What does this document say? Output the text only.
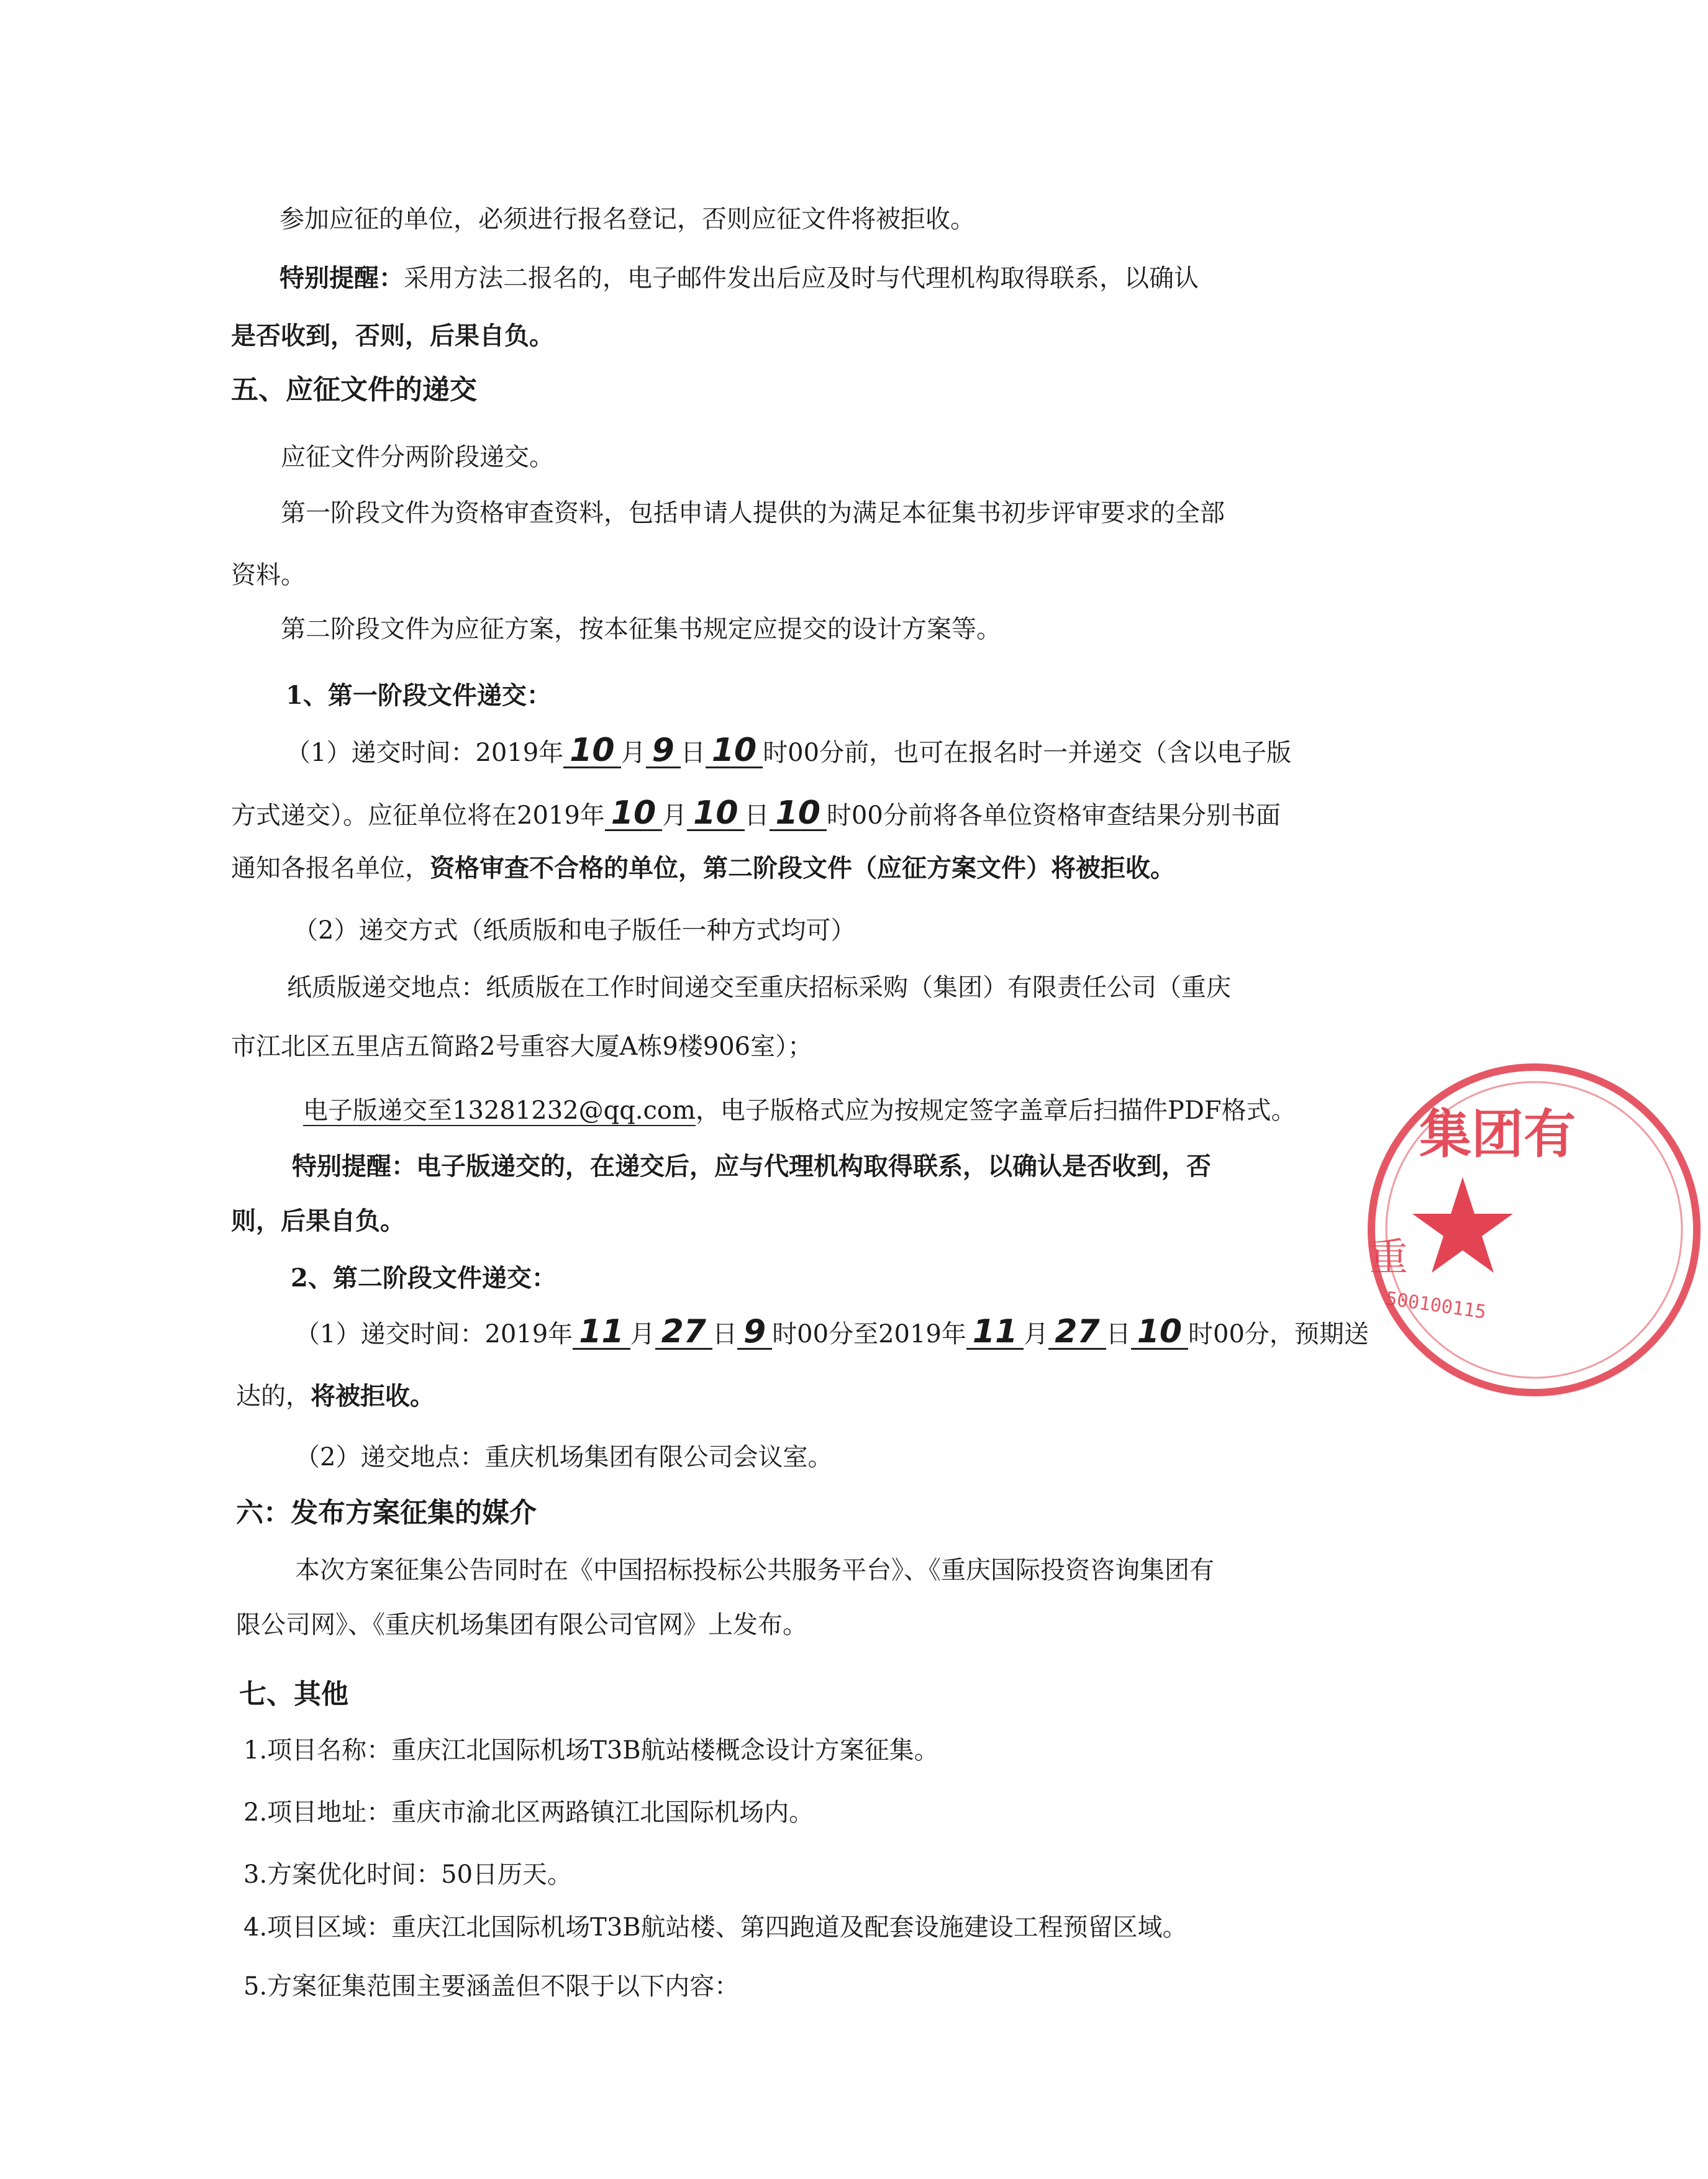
参加应征的单位，必须进行报名登记，否则应征文件将被拒收。
特别提醒：采用方法二报名的，电子邮件发出后应及时与代理机构取得联系，以确认
是否收到，否则，后果自负。
五、应征文件的递交
应征文件分两阶段递交。
第一阶段文件为资格审查资料，包括申请人提供的为满足本征集书初步评审要求的全部
资料。
第二阶段文件为应征方案，按本征集书规定应提交的设计方案等。
1、第一阶段文件递交：
（1）递交时间：2019年 10 月 9 日 10 时00分前，也可在报名时一并递交（含以电子版
方式递交）。应征单位将在2019年 10 月 10 日 10 时00分前将各单位资格审查结果分别书面
通知各报名单位，资格审查不合格的单位，第二阶段文件（应征方案文件）将被拒收。
（2）递交方式（纸质版和电子版任一种方式均可）
纸质版递交地点：纸质版在工作时间递交至重庆招标采购（集团）有限责任公司（重庆
市江北区五里店五简路2号重容大厦A栋9楼906室）；
电子版递交至13281232@qq.com，电子版格式应为按规定签字盖章后扫描件PDF格式。
特别提醒：电子版递交的，在递交后，应与代理机构取得联系，以确认是否收到，否
则，后果自负。
2、第二阶段文件递交：
（1）递交时间：2019年 11 月 27 日 9 时00分至2019年 11 月 27 日 10 时00分，预期送
达的，将被拒收。
（2）递交地点：重庆机场集团有限公司会议室。
六：发布方案征集的媒介
本次方案征集公告同时在《中国招标投标公共服务平台》、《重庆国际投资咨询集团有
限公司网》、《重庆机场集团有限公司官网》上发布。
七、其他
1.项目名称：重庆江北国际机场T3B航站楼概念设计方案征集。
2.项目地址：重庆市渝北区两路镇江北国际机场内。
3.方案优化时间：50日历天。
4.项目区域：重庆江北国际机场T3B航站楼、第四跑道及配套设施建设工程预留区域。
5.方案征集范围主要涵盖但不限于以下内容：
集团有
500100115
重
